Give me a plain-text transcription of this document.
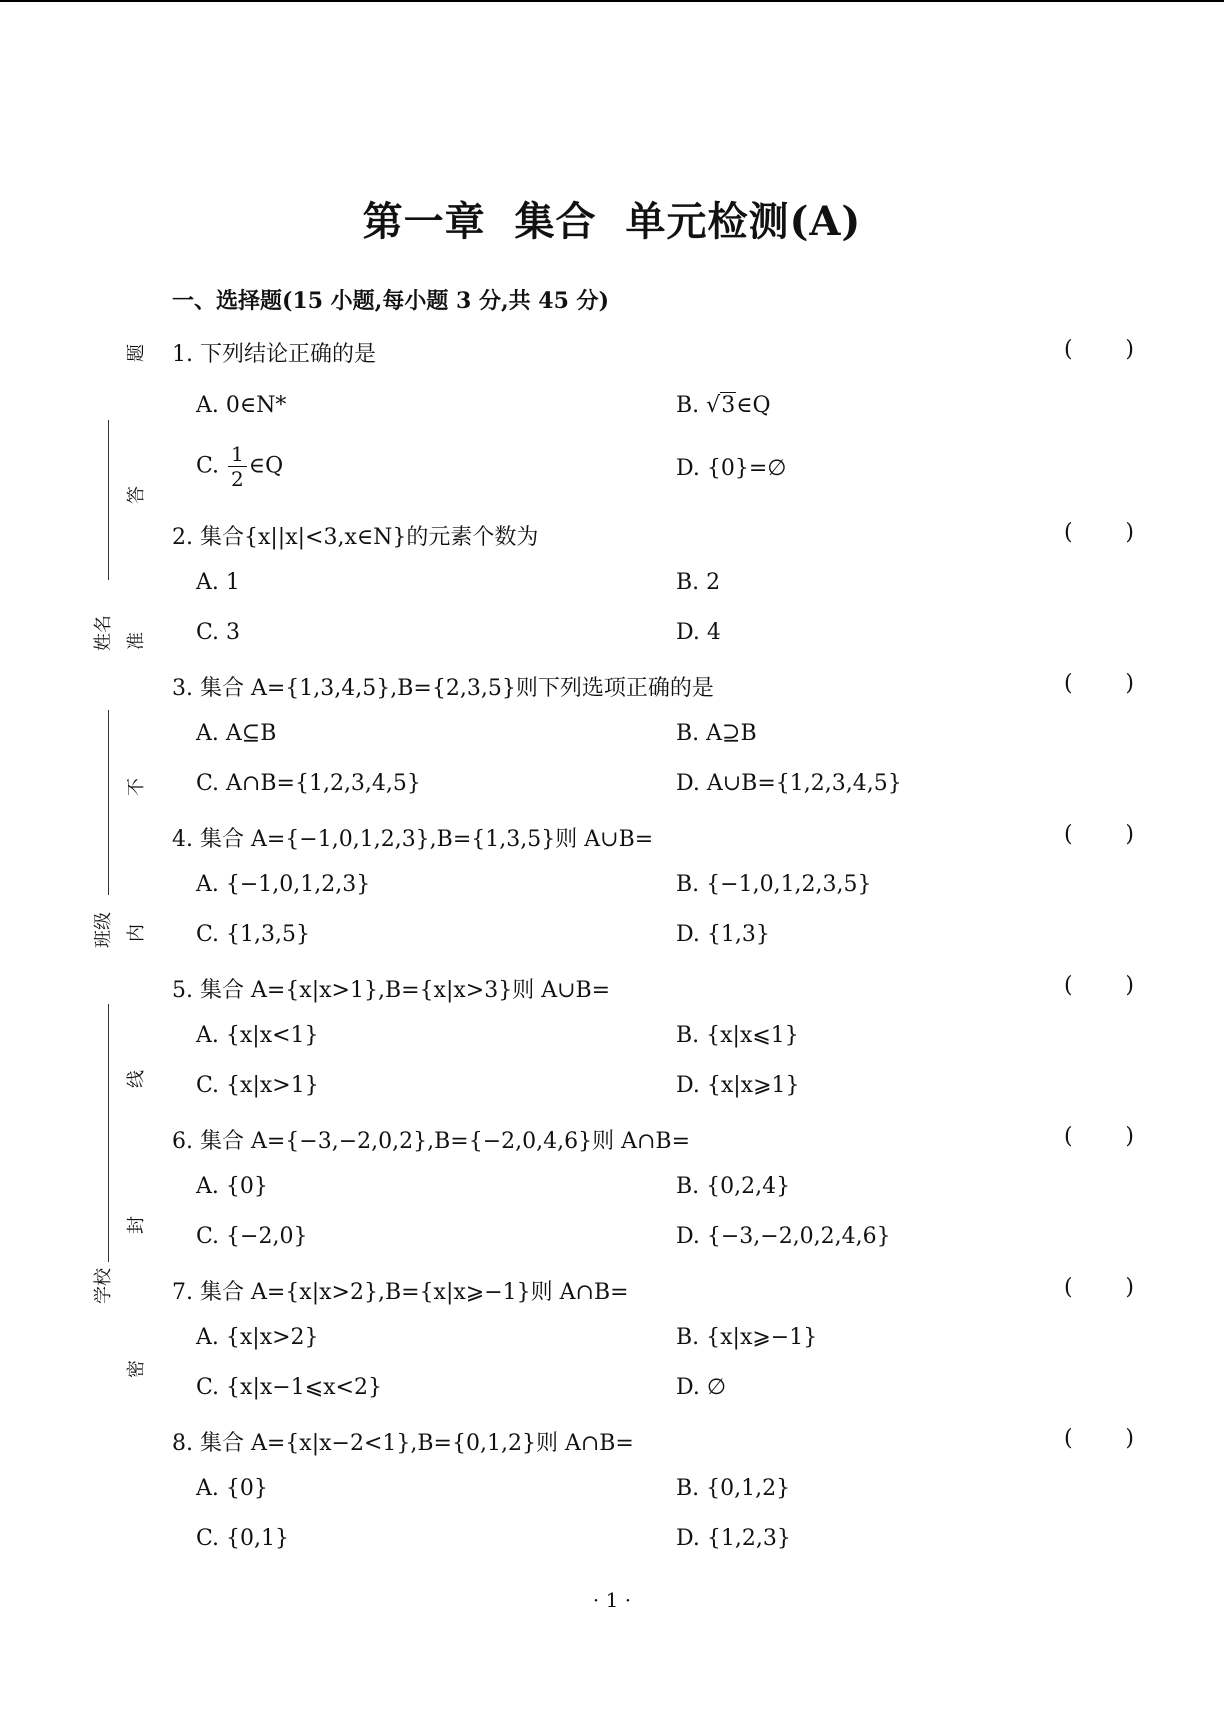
姓名
班级
学校
题
答
准
不
内
线
封
密
第一章 集合 单元检测(A)
一、选择题(15 小题,每小题 3 分,共 45 分)
1. 下列结论正确的是	( )
A. 0∈N*	B. √3∈Q
C. $\frac{1}{2}$ ∈Q	D. {0}=∅
2. 集合{x||x|<3,x∈N}的元素个数为	( )
A. 1	B. 2
C. 3	D. 4
3. 集合 A={1,3,4,5},B={2,3,5}则下列选项正确的是	( )
A. A⊆B	B. A⊇B
C. A∩B={1,2,3,4,5}	D. A∪B={1,2,3,4,5}
4. 集合 A={−1,0,1,2,3},B={1,3,5}则 A∪B=	( )
A. {−1,0,1,2,3}	B. {−1,0,1,2,3,5}
C. {1,3,5}	D. {1,3}
5. 集合 A={x|x>1},B={x|x>3}则 A∪B=	( )
A. {x|x<1}	B. {x|x⩽1}
C. {x|x>1}	D. {x|x⩾1}
6. 集合 A={−3,−2,0,2},B={−2,0,4,6}则 A∩B=	( )
A. {0}	B. {0,2,4}
C. {−2,0}	D. {−3,−2,0,2,4,6}
7. 集合 A={x|x>2},B={x|x⩾−1}则 A∩B=	( )
A. {x|x>2}	B. {x|x⩾−1}
C. {x|x−1⩽x<2}	D. ∅
8. 集合 A={x|x−2<1},B={0,1,2}则 A∩B=	( )
A. {0}	B. {0,1,2}
C. {0,1}	D. {1,2,3}
· 1 ·
